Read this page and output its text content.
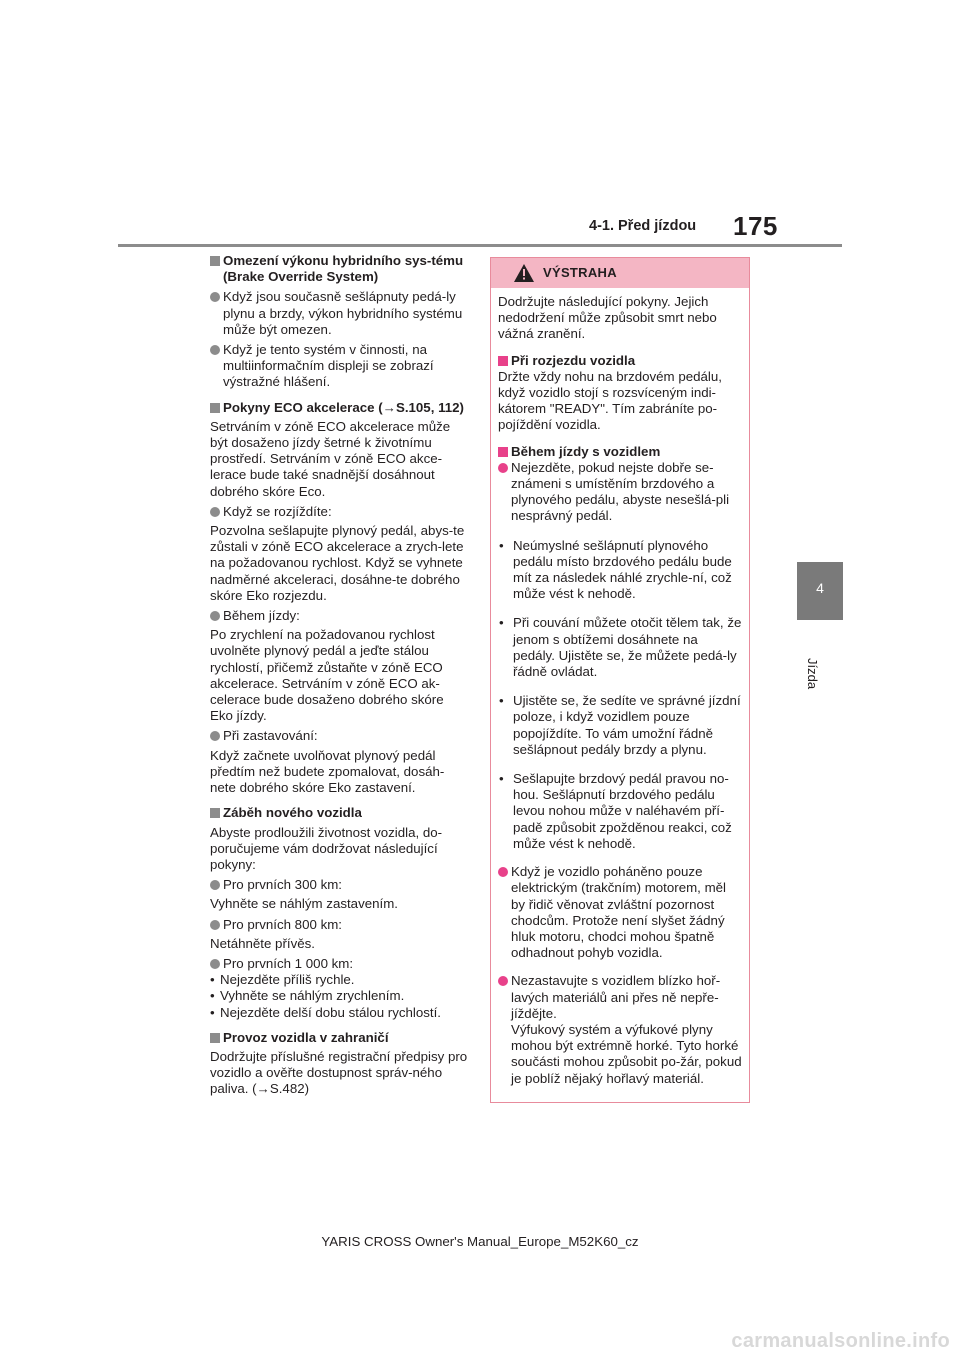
4-1. Před jízdou 175
4
Jízda
Omezení výkonu hybridního sys-tému (Brake Override System)
Když jsou současně sešlápnuty pedá-ly plynu a brzdy, výkon hybridního systému může být omezen.
Když je tento systém v činnosti, na multiinformačním displeji se zobrazí výstražné hlášení.
Pokyny ECO akcelerace (→S.105, 112)
Setrváním v zóně ECO akcelerace může být dosaženo jízdy šetrné k životnímu prostředí. Setrváním v zóně ECO akce-lerace bude také snadnější dosáhnout dobrého skóre Eco.
Když se rozjíždíte:
Pozvolna sešlapujte plynový pedál, abys-te zůstali v zóně ECO akcelerace a zrych-lete na požadovanou rychlost. Když se vyhnete nadměrné akceleraci, dosáhne-te dobrého skóre Eko rozjezdu.
Během jízdy:
Po zrychlení na požadovanou rychlost uvolněte plynový pedál a jeďte stálou rychlostí, přičemž zůstaňte v zóně ECO akcelerace. Setrváním v zóně ECO ak-celerace bude dosaženo dobrého skóre Eko jízdy.
Při zastavování:
Když začnete uvolňovat plynový pedál předtím než budete zpomalovat, dosáh-nete dobrého skóre Eko zastavení.
Záběh nového vozidla
Abyste prodloužili životnost vozidla, do-poručujeme vám dodržovat následující pokyny:
Pro prvních 300 km:
Vyhněte se náhlým zastavením.
Pro prvních 800 km:
Netáhněte přívěs.
Pro prvních 1 000 km:
• Nejezděte příliš rychle.
• Vyhněte se náhlým zrychlením.
• Nejezděte delší dobu stálou rychlostí.
Provoz vozidla v zahraničí
Dodržujte příslušné registrační předpisy pro vozidlo a ověřte dostupnost správ-ného paliva. (→S.482)
VÝSTRAHA
Dodržujte následující pokyny. Jejich nedodržení může způsobit smrt nebo vážná zranění.
Při rozjezdu vozidla
Držte vždy nohu na brzdovém pedálu, když vozidlo stojí s rozsvíceným indi-kátorem "READY". Tím zabráníte po-pojíždění vozidla.
Během jízdy s vozidlem
Nejezděte, pokud nejste dobře se-známeni s umístěním brzdového a plynového pedálu, abyste nesešlá-pli nesprávný pedál.
• Neúmyslné sešlápnutí plynového pedálu místo brzdového pedálu bude mít za následek náhlé zrychle-ní, což může vést k nehodě.
• Při couvání můžete otočit tělem tak, že jenom s obtížemi dosáhnete na pedály. Ujistěte se, že můžete pedá-ly řádně ovládat.
• Ujistěte se, že sedíte ve správné jízdní poloze, i když vozidlem pouze popojíždíte. To vám umožní řádně sešlápnout pedály brzdy a plynu.
• Sešlapujte brzdový pedál pravou no-hou. Sešlápnutí brzdového pedálu levou nohou může v naléhavém pří-padě způsobit zpožděnou reakci, což může vést k nehodě.
Když je vozidlo poháněno pouze elektrickým (trakčním) motorem, měl by řidič věnovat zvláštní pozornost chodcům. Protože není slyšet žádný hluk motoru, chodci mohou špatně odhadnout pohyb vozidla.
Nezastavujte s vozidlem blízko hoř-lavých materiálů ani přes ně nepře-jíždějte.
Výfukový systém a výfukové plyny mohou být extrémně horké. Tyto horké součásti mohou způsobit po-žár, pokud je poblíž nějaký hořlavý materiál.
YARIS CROSS Owner's Manual_Europe_M52K60_cz
carmanualsonline.info
